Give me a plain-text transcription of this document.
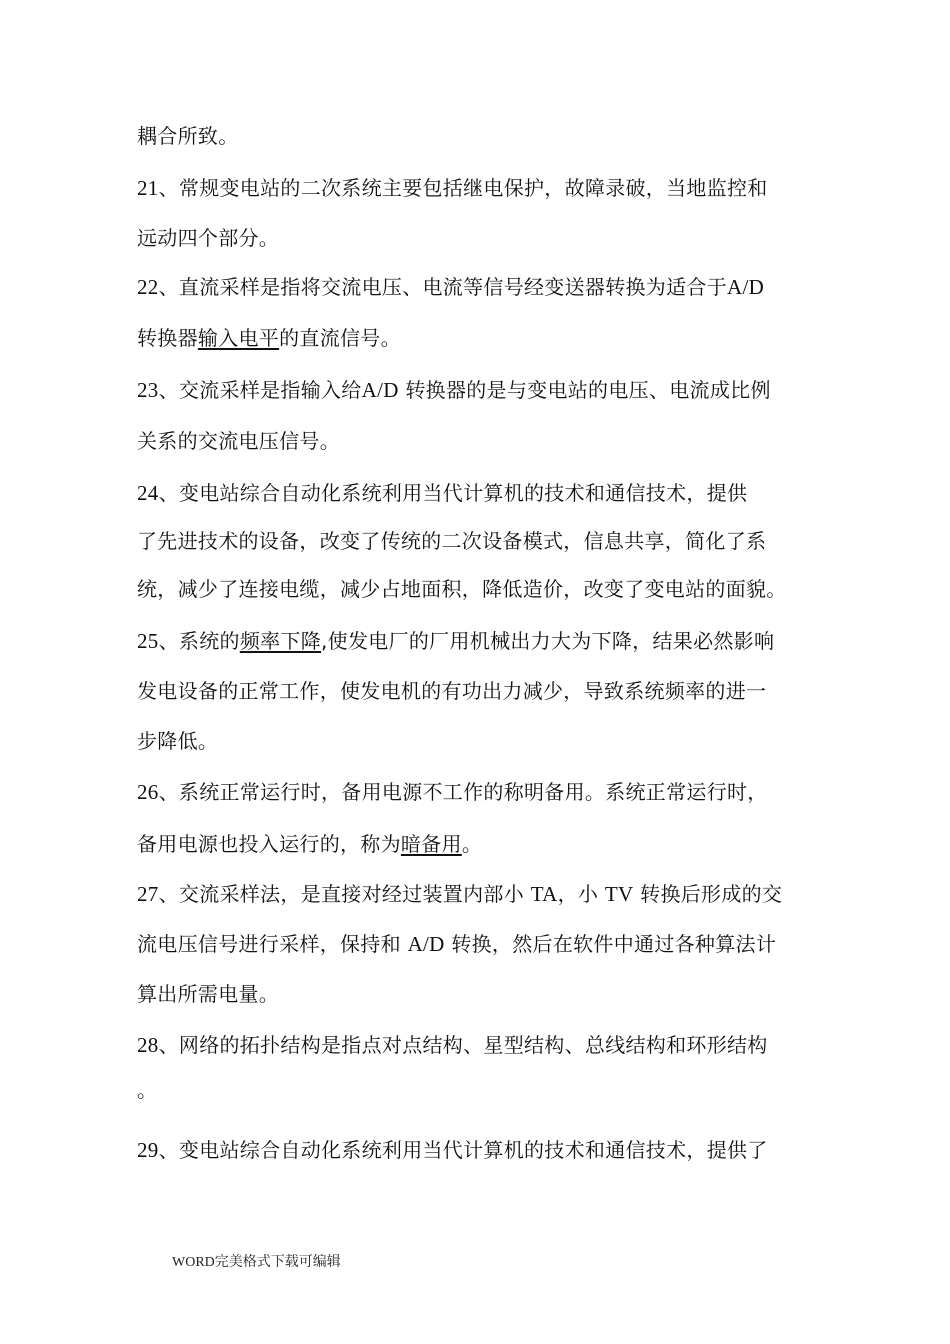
耦合所致。
21、常规变电站的二次系统主要包括继电保护，故障录破，当地监控和
远动四个部分。
22、直流采样是指将交流电压、电流等信号经变送器转换为适合于A/D
转换器输入电平的直流信号。
23、交流采样是指输入给A/D 转换器的是与变电站的电压、电流成比例
关系的交流电压信号。
24、变电站综合自动化系统利用当代计算机的技术和通信技术，提供
了先进技术的设备，改变了传统的二次设备模式，信息共享，简化了系
统，减少了连接电缆，减少占地面积，降低造价，改变了变电站的面貌。
25、系统的频率下降,使发电厂的厂用机械出力大为下降，结果必然影响
发电设备的正常工作，使发电机的有功出力减少，导致系统频率的进一
步降低。
26、系统正常运行时，备用电源不工作的称明备用。系统正常运行时，
备用电源也投入运行的，称为暗备用。
27、交流采样法，是直接对经过装置内部小 TA，小 TV 转换后形成的交
流电压信号进行采样，保持和 A/D 转换，然后在软件中通过各种算法计
算出所需电量。
28、网络的拓扑结构是指点对点结构、星型结构、总线结构和环形结构
。
29、变电站综合自动化系统利用当代计算机的技术和通信技术，提供了
WORD完美格式下载可编辑
